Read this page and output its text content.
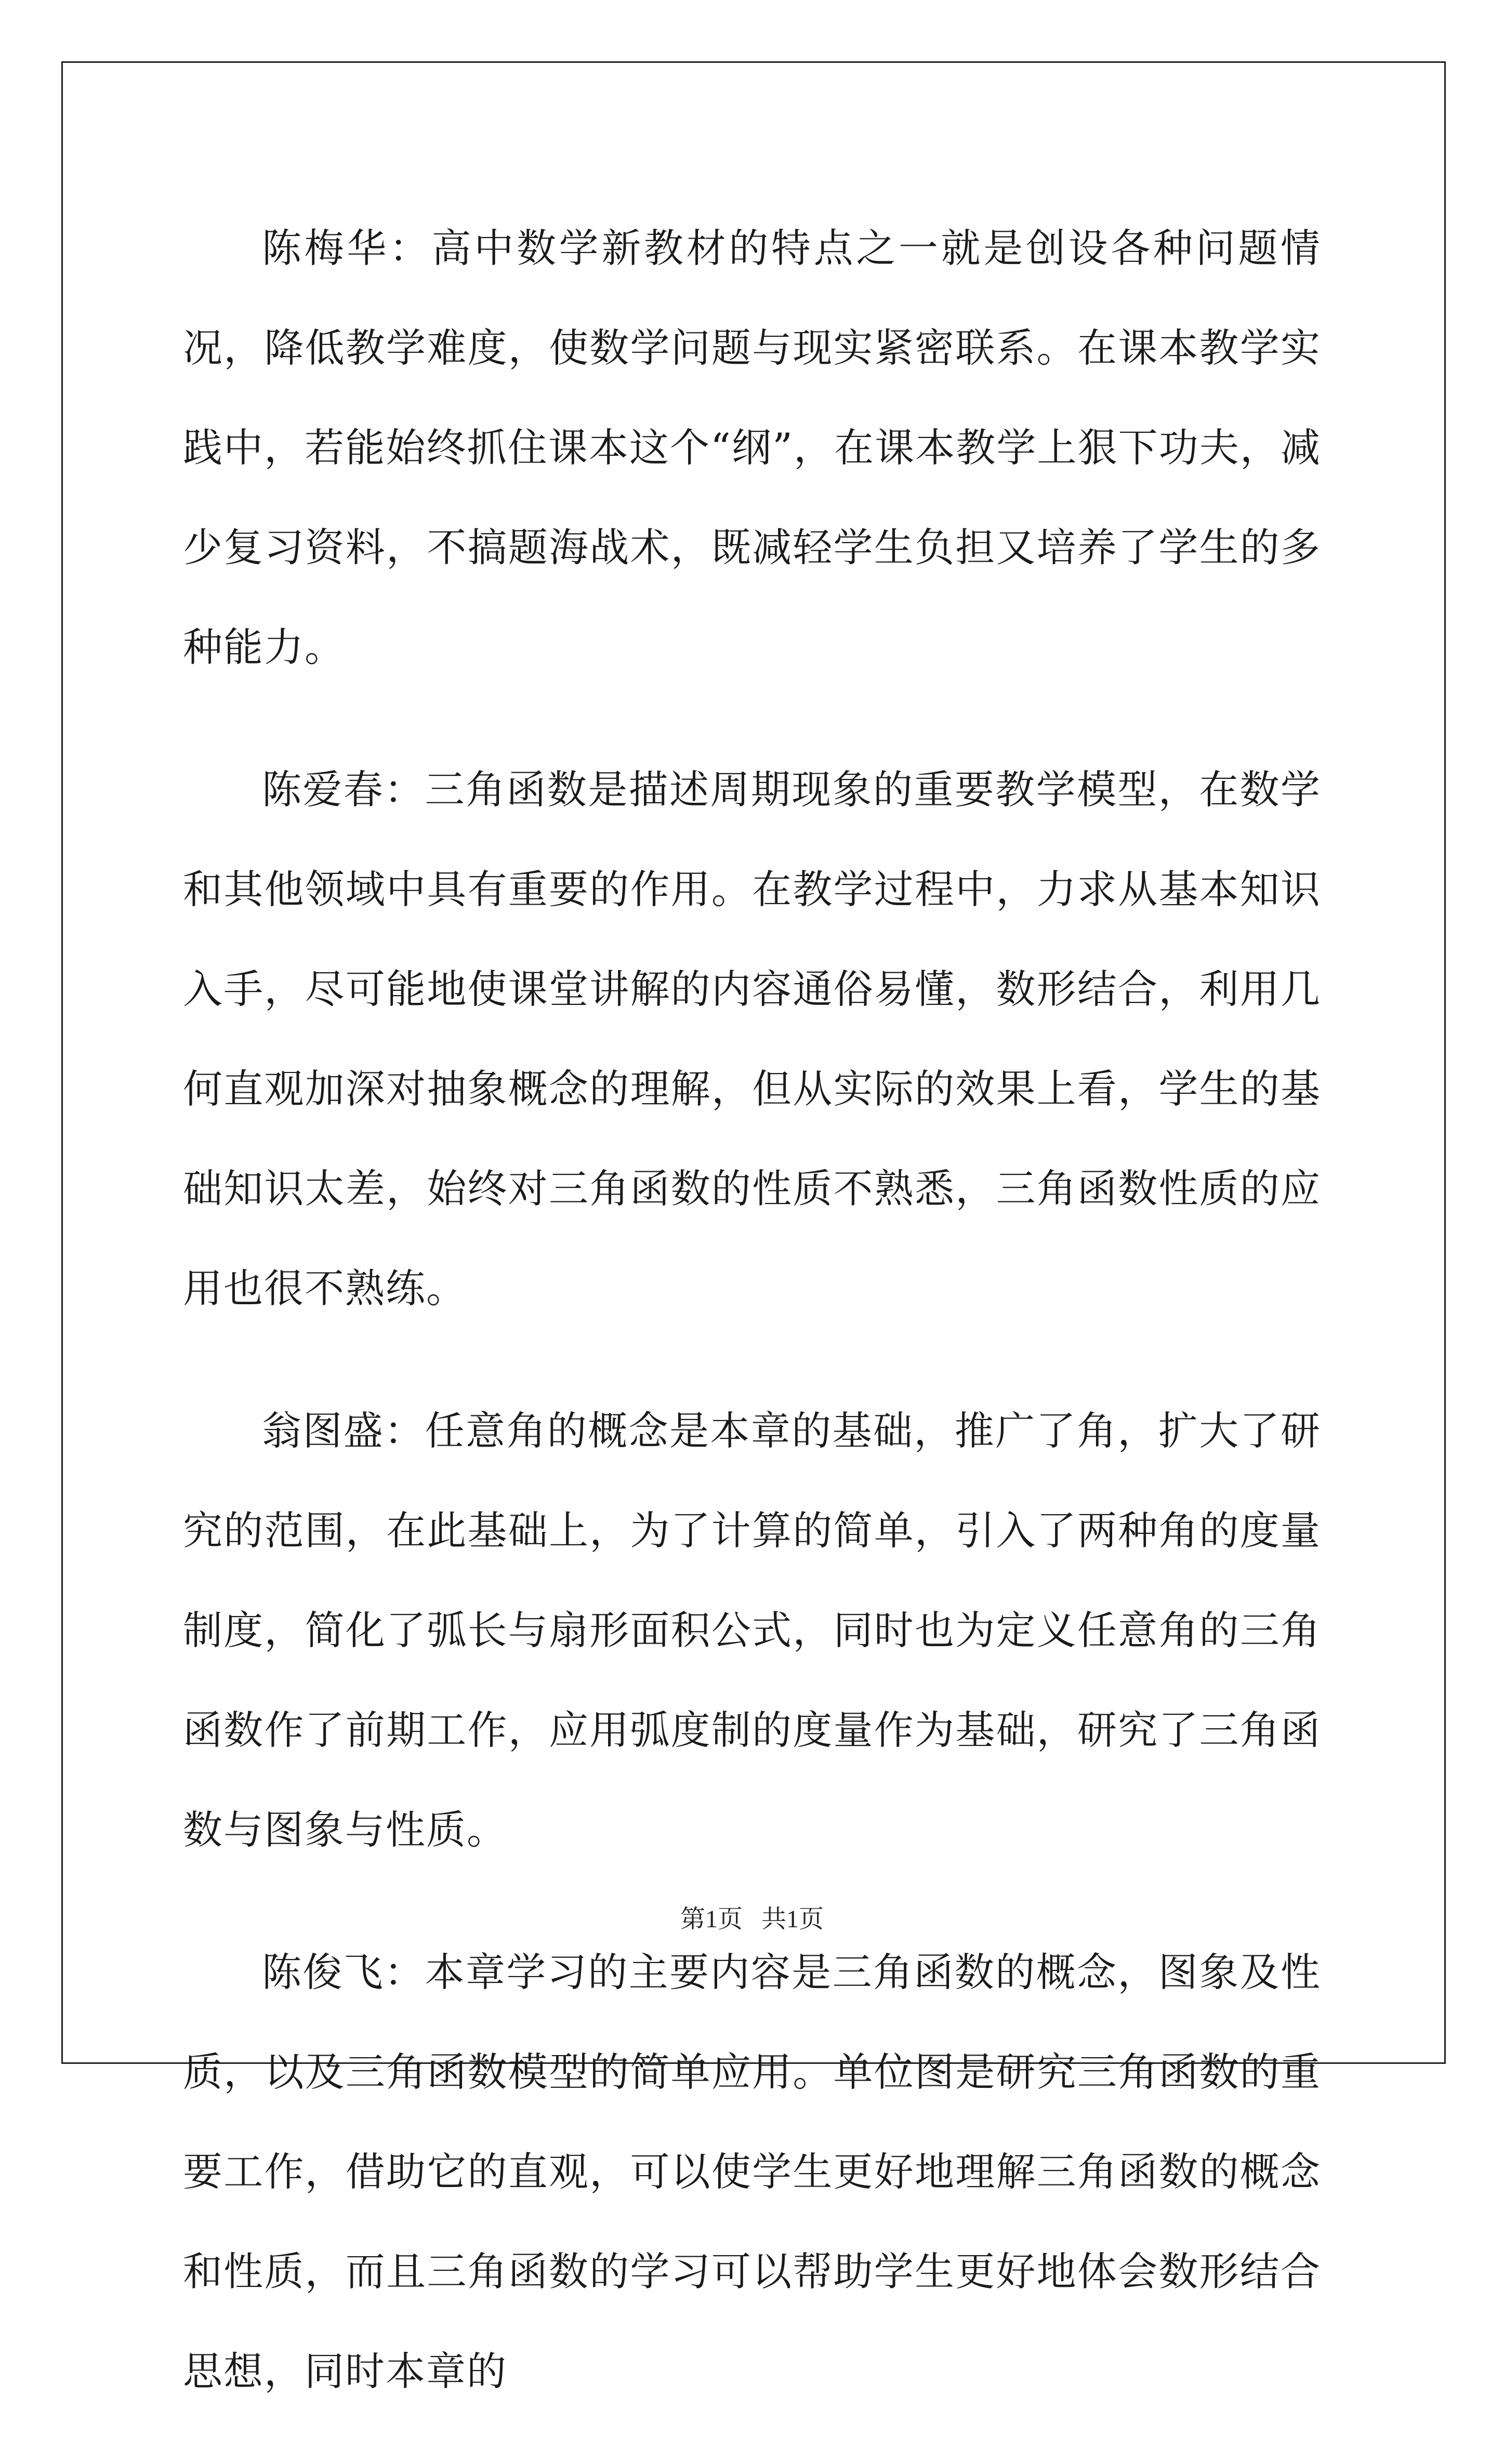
陈梅华：高中数学新教材的特点之一就是创设各种问题情况，降低教学难度，使数学问题与现实紧密联系。在课本教学实践中，若能始终抓住课本这个“纲”，在课本教学上狠下功夫，减少复习资料，不搞题海战术，既减轻学生负担又培养了学生的多种能力。

陈爱春：三角函数是描述周期现象的重要教学模型，在数学和其他领域中具有重要的作用。在教学过程中，力求从基本知识入手，尽可能地使课堂讲解的内容通俗易懂，数形结合，利用几何直观加深对抽象概念的理解，但从实际的效果上看，学生的基础知识太差，始终对三角函数的性质不熟悉，三角函数性质的应用也很不熟练。

翁图盛：任意角的概念是本章的基础，推广了角，扩大了研究的范围，在此基础上，为了计算的简单，引入了两种角的度量制度，简化了弧长与扇形面积公式，同时也为定义任意角的三角函数作了前期工作，应用弧度制的度量作为基础，研究了三角函数与图象与性质。

陈俊飞：本章学习的主要内容是三角函数的概念，图象及性质，以及三角函数模型的简单应用。单位图是研究三角函数的重要工作，借助它的直观，可以使学生更好地理解三角函数的概念和性质，而且三角函数的学习可以帮助学生更好地体会数形结合思想，同时本章的

第1页 共1页
